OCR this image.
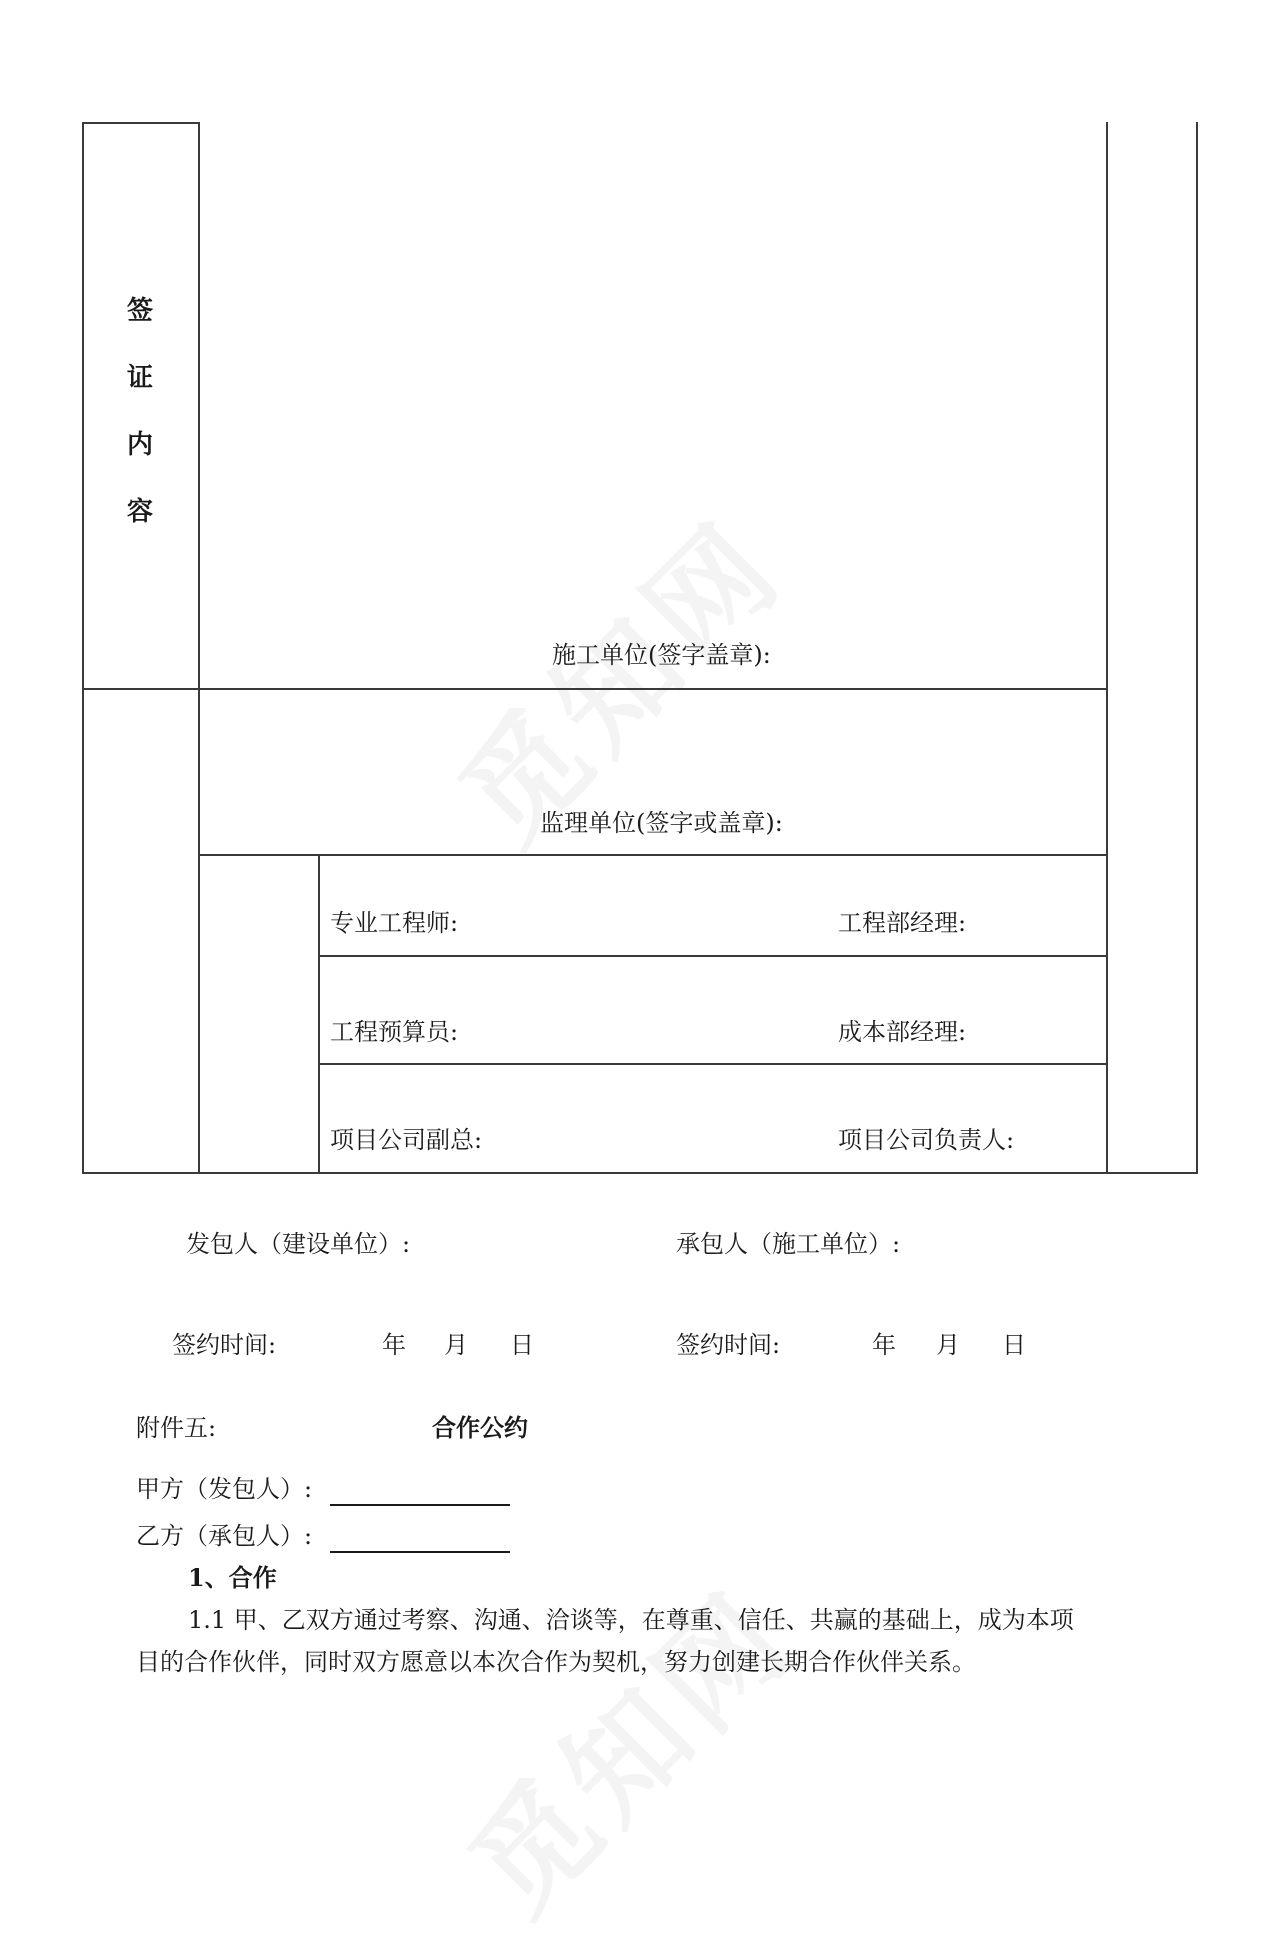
签
证
内
容
施工单位(签字盖章):
监理单位(签字或盖章):
专业工程师:	工程部经理:
工程预算员:	成本部经理:
项目公司副总:	项目公司负责人:
发包人（建设单位）:	承包人（施工单位）:
签约时间:	年 月 日	签约时间:	年 月 日
附件五:	合作公约
甲方（发包人）:
乙方（承包人）:
1、合作
1.1 甲、乙双方通过考察、沟通、洽谈等，在尊重、信任、共赢的基础上，成为本项
目的合作伙伴，同时双方愿意以本次合作为契机，努力创建长期合作伙伴关系。
